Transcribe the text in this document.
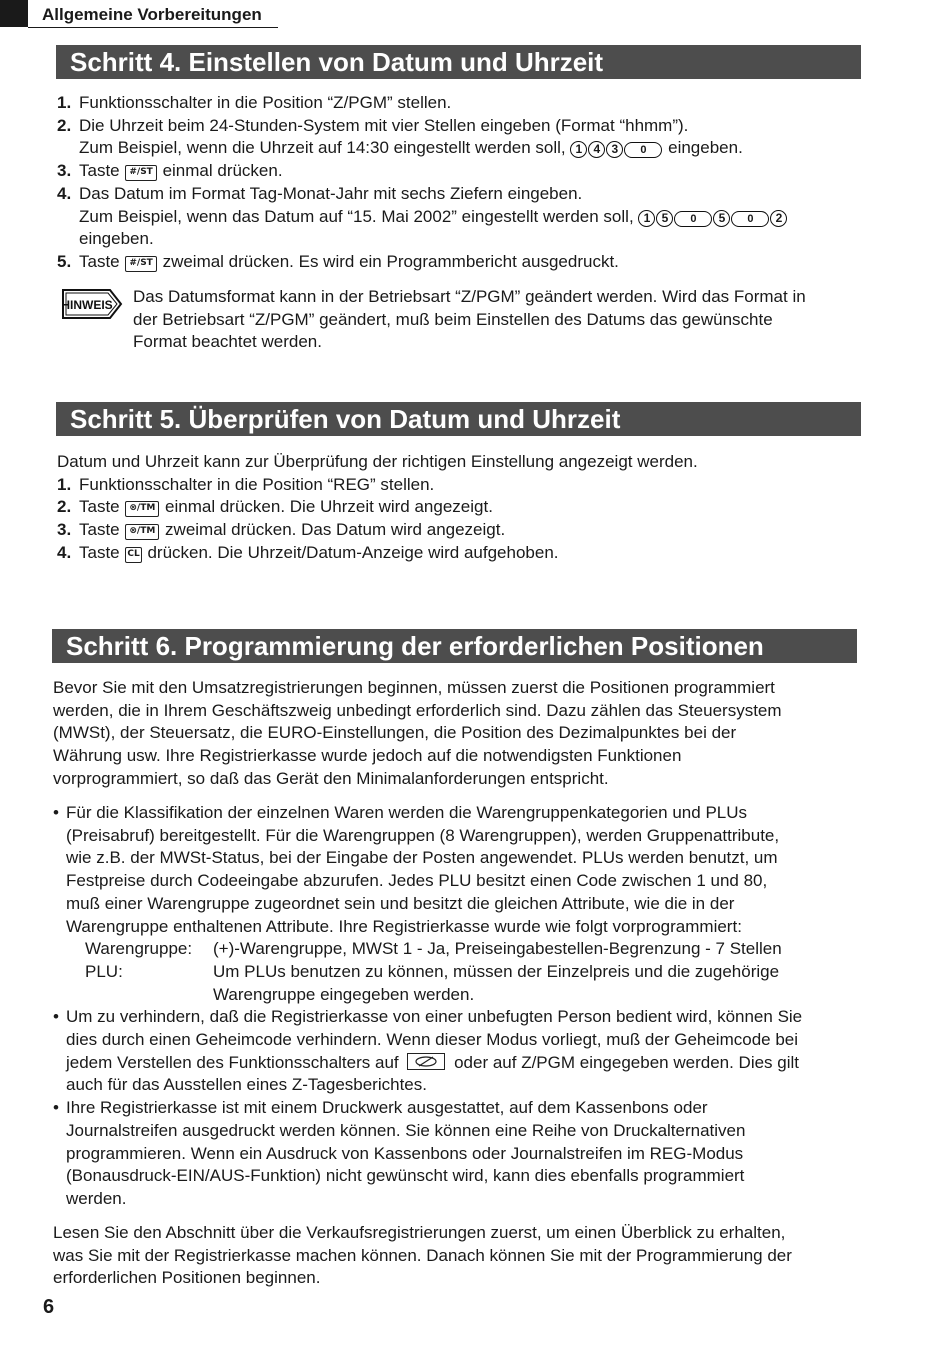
Allgemeine Vorbereitungen
Schritt 4. Einstellen von Datum und Uhrzeit
1. Funktionsschalter in die Position “Z/PGM” stellen.
2. Die Uhrzeit beim 24-Stunden-System mit vier Stellen eingeben (Format “hhmm”).
Zum Beispiel, wenn die Uhrzeit auf 14:30 eingestellt werden soll, 1 4 3 0 eingeben.
3. Taste #/ST einmal drücken.
4. Das Datum im Format Tag-Monat-Jahr mit sechs Ziefern eingeben.
Zum Beispiel, wenn das Datum auf “15. Mai 2002” eingestellt werden soll, 1 5 0 5 0 2
eingeben.
5. Taste #/ST zweimal drücken. Es wird ein Programmbericht ausgedruckt.
HINWEIS Das Datumsformat kann in der Betriebsart “Z/PGM” geändert werden. Wird das Format in
der Betriebsart “Z/PGM” geändert, muß beim Einstellen des Datums das gewünschte
Format beachtet werden.
Schritt 5. Überprüfen von Datum und Uhrzeit
Datum und Uhrzeit kann zur Überprüfung der richtigen Einstellung angezeigt werden.
1. Funktionsschalter in die Position “REG” stellen.
2. Taste ⊗/TM einmal drücken. Die Uhrzeit wird angezeigt.
3. Taste ⊗/TM zweimal drücken. Das Datum wird angezeigt.
4. Taste CL drücken. Die Uhrzeit/Datum-Anzeige wird aufgehoben.
Schritt 6. Programmierung der erforderlichen Positionen
Bevor Sie mit den Umsatzregistrierungen beginnen, müssen zuerst die Positionen programmiert
werden, die in Ihrem Geschäftszweig unbedingt erforderlich sind. Dazu zählen das Steuersystem
(MWSt), der Steuersatz, die EURO-Einstellungen, die Position des Dezimalpunktes bei der
Währung usw. Ihre Registrierkasse wurde jedoch auf die notwendigsten Funktionen
vorprogrammiert, so daß das Gerät den Minimalanforderungen entspricht.
• Für die Klassifikation der einzelnen Waren werden die Warengruppenkategorien und PLUs
(Preisabruf) bereitgestellt. Für die Warengruppen (8 Warengruppen), werden Gruppenattribute,
wie z.B. der MWSt-Status, bei der Eingabe der Posten angewendet. PLUs werden benutzt, um
Festpreise durch Codeeingabe abzurufen. Jedes PLU besitzt einen Code zwischen 1 und 80,
muß einer Warengruppe zugeordnet sein und besitzt die gleichen Attribute, wie die in der
Warengruppe enthaltenen Attribute. Ihre Registrierkasse wurde wie folgt vorprogrammiert:
Warengruppe: (+)-Warengruppe, MWSt 1 - Ja, Preiseingabestellen-Begrenzung - 7 Stellen
PLU:	Um PLUs benutzen zu können, müssen der Einzelpreis und die zugehörige
Warengruppe eingegeben werden.
• Um zu verhindern, daß die Registrierkasse von einer unbefugten Person bedient wird, können Sie
dies durch einen Geheimcode verhindern. Wenn dieser Modus vorliegt, muß der Geheimcode bei
jedem Verstellen des Funktionsschalters auf	oder auf Z/PGM eingegeben werden. Dies gilt
auch für das Ausstellen eines Z-Tagesberichtes.
• Ihre Registrierkasse ist mit einem Druckwerk ausgestattet, auf dem Kassenbons oder
Journalstreifen ausgedruckt werden können. Sie können eine Reihe von Druckalternativen
programmieren. Wenn ein Ausdruck von Kassenbons oder Journalstreifen im REG-Modus
(Bonausdruck-EIN/AUS-Funktion) nicht gewünscht wird, kann dies ebenfalls programmiert
werden.
Lesen Sie den Abschnitt über die Verkaufsregistrierungen zuerst, um einen Überblick zu erhalten,
was Sie mit der Registrierkasse machen können. Danach können Sie mit der Programmierung der
erforderlichen Positionen beginnen.
6
